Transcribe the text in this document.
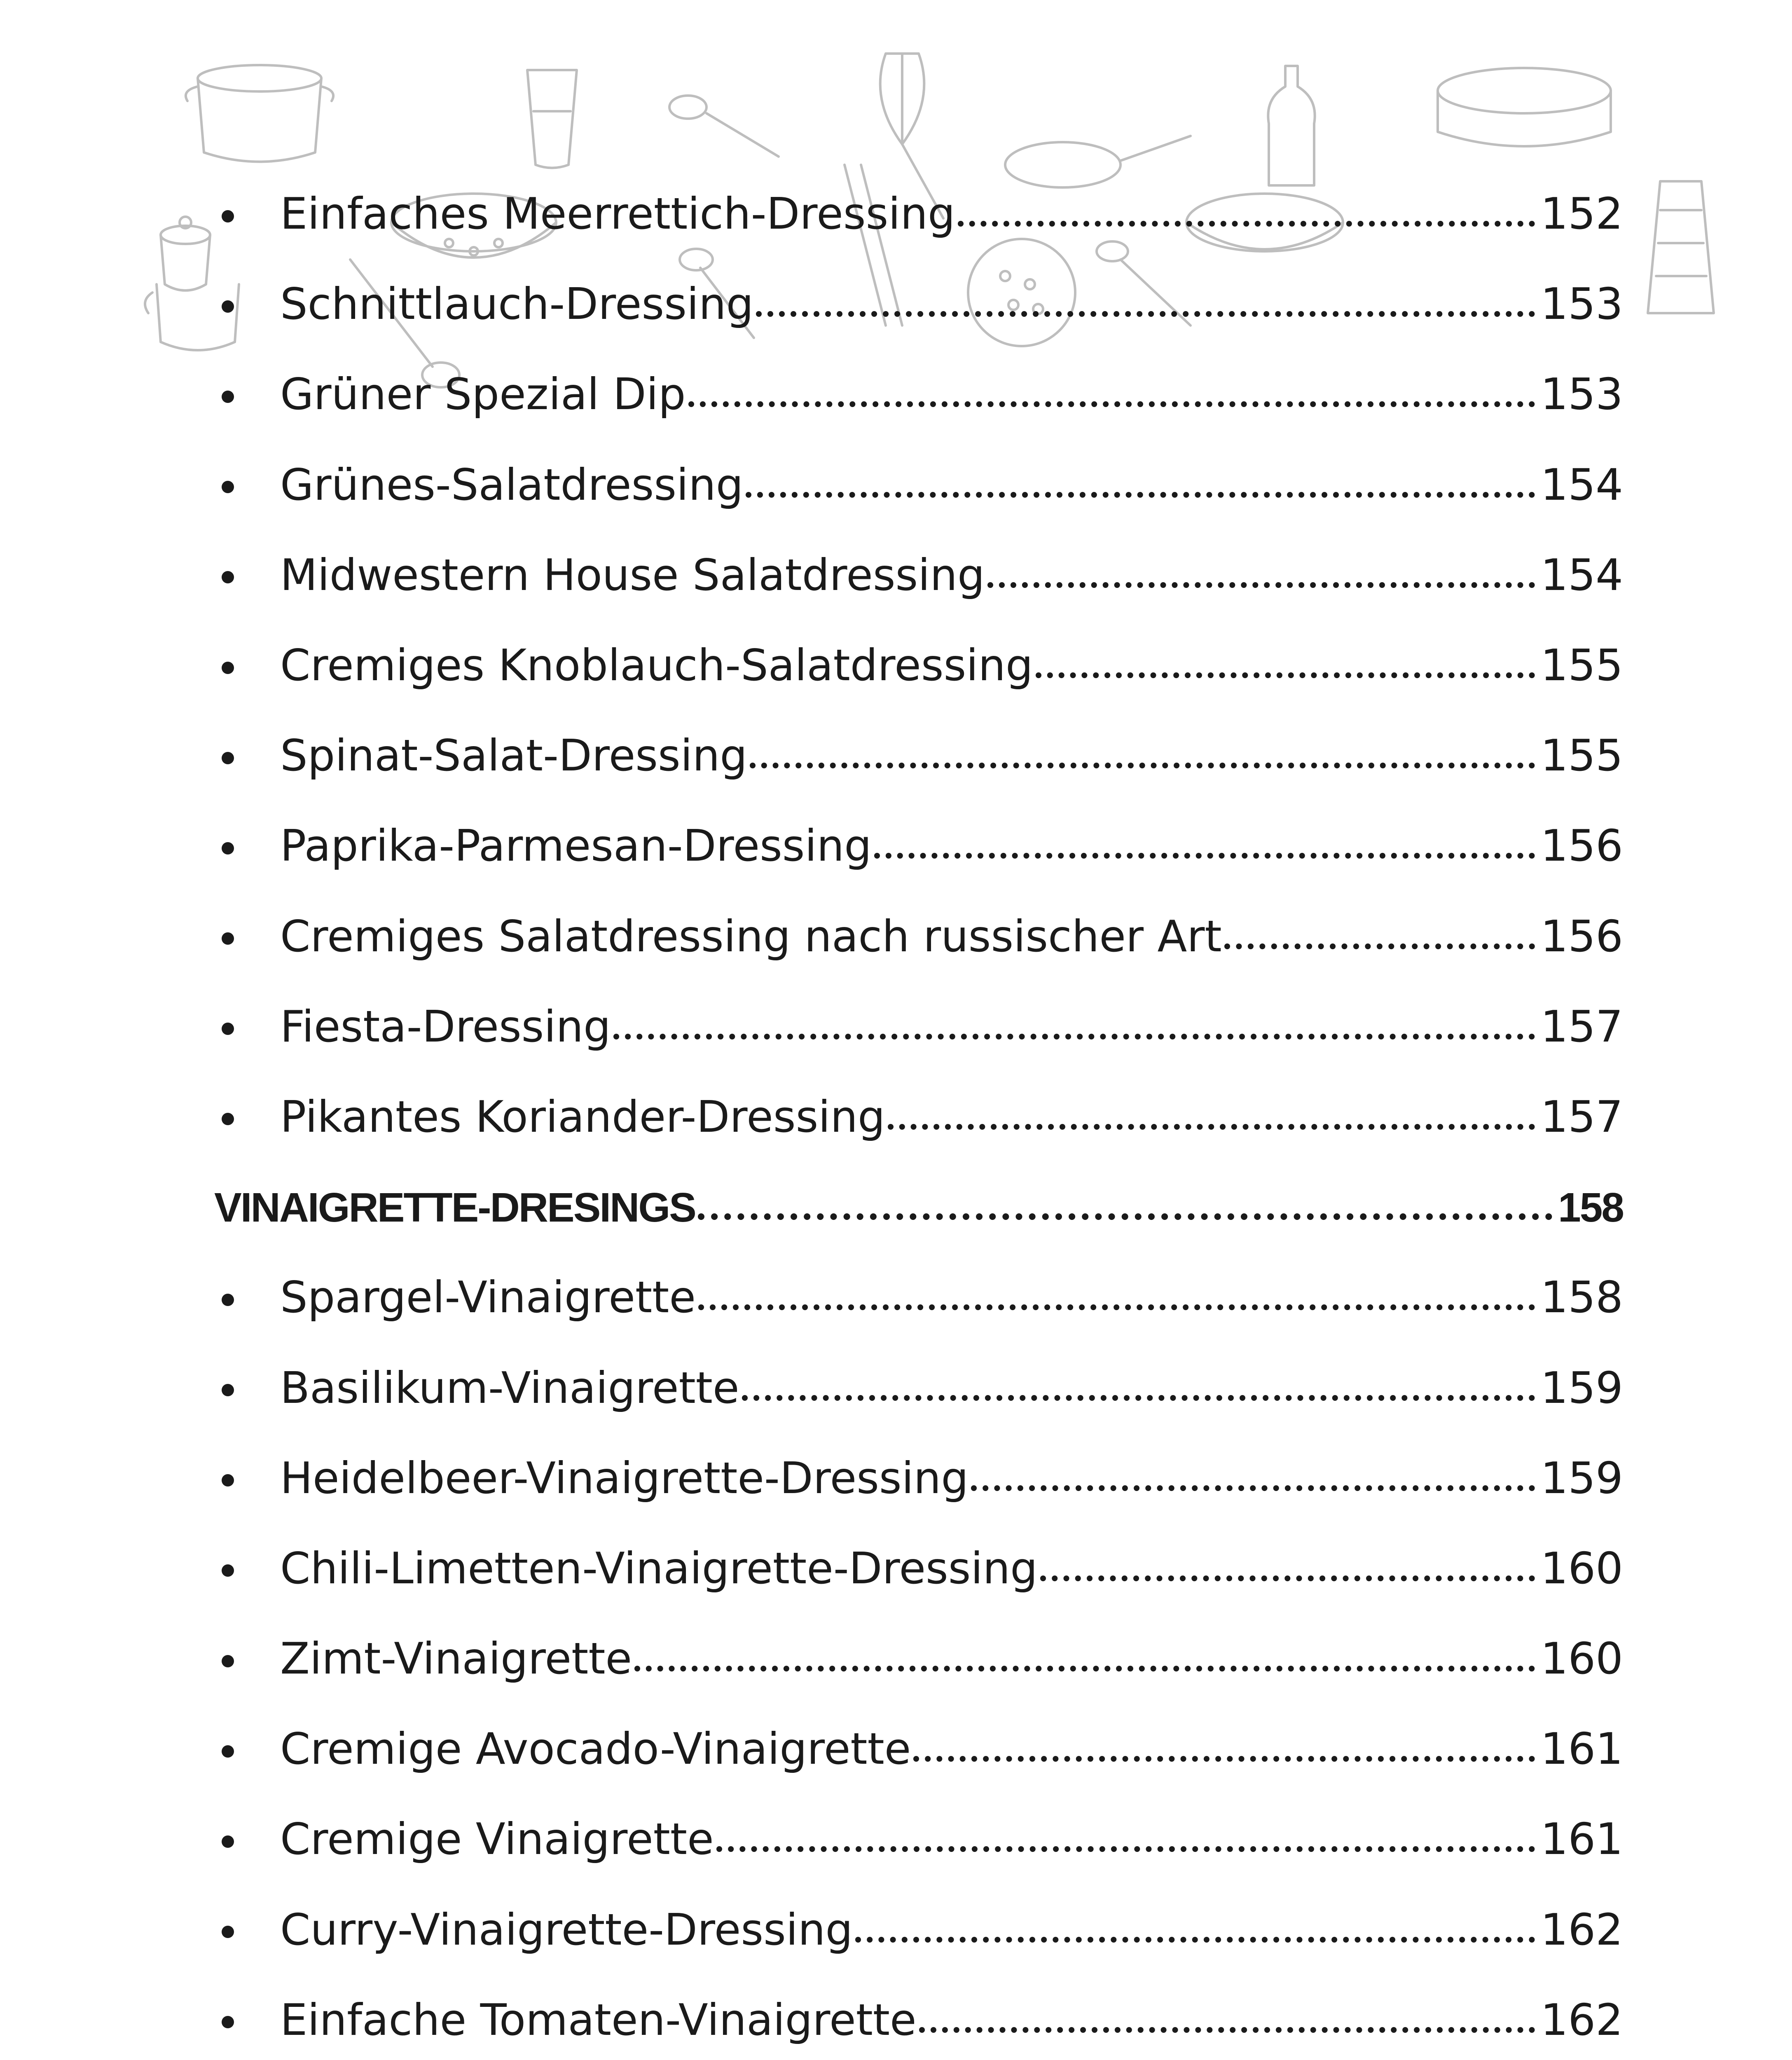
Einfaches Meerrettich-Dressing	152
Schnittlauch-Dressing	153
Grüner Spezial Dip	153
Grünes-Salatdressing	154
Midwestern House Salatdressing	154
Cremiges Knoblauch-Salatdressing	155
Spinat-Salat-Dressing	155
Paprika-Parmesan-Dressing	156
Cremiges Salatdressing nach russischer Art	156
Fiesta-Dressing	157
Pikantes Koriander-Dressing	157
VINAIGRETTE-DRESINGS	158
Spargel-Vinaigrette	158
Basilikum-Vinaigrette	159
Heidelbeer-Vinaigrette-Dressing	159
Chili-Limetten-Vinaigrette-Dressing	160
Zimt-Vinaigrette	160
Cremige Avocado-Vinaigrette	161
Cremige Vinaigrette	161
Curry-Vinaigrette-Dressing	162
Einfache Tomaten-Vinaigrette	162
